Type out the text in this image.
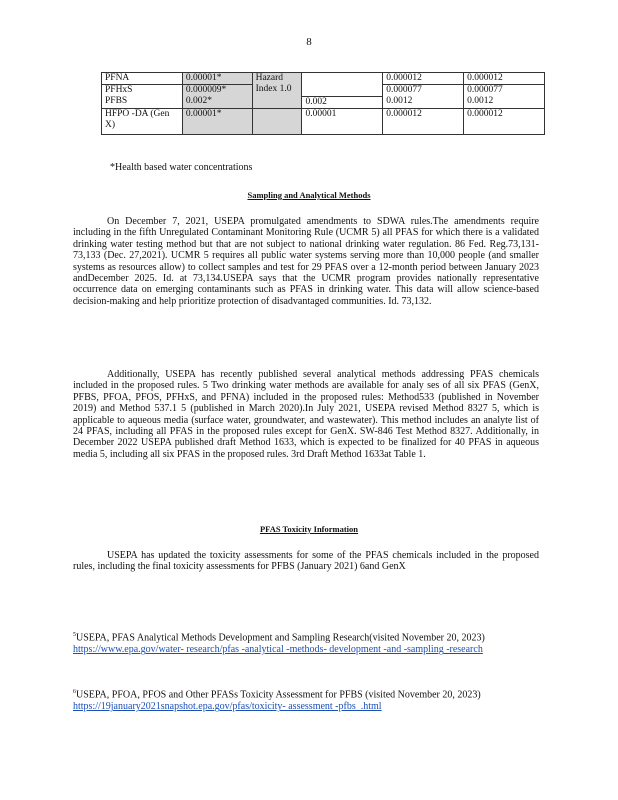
8
PFNA	0.00001*	Hazard Index 1.0		0.000012	0.000012
PFHxS	0.000009*			0.000077	0.000077
PFBS	0.002*		0.002	0.0012	0.0012
HFPO -DA (Gen X)	0.00001*		0.00001	0.000012	0.000012
*Health based water concentrations
Sampling and Analytical Methods

On December 7, 2021, USEPA promulgated amendments to SDWA rules.The amendments require including in the fifth Unregulated Contaminant Monitoring Rule (UCMR 5) all PFAS for which there is a validated drinking water testing method but that are not subject to national drinking water regulation. 86 Fed. Reg.73,131-73,133 (Dec. 27,2021). UCMR 5 requires all public water systems serving more than 10,000 people (and smaller systems as resources allow) to collect samples and test for 29 PFAS over a 12-month period between January 2023 andDecember 2025. Id. at 73,134.USEPA says that the UCMR program provides nationally representative occurrence data on emerging contaminants such as PFAS in drinking water. This data will allow science-based decision-making and help prioritize protection of disadvantaged communities. Id. 73,132.

Additionally, USEPA has recently published several analytical methods addressing PFAS chemicals included in the proposed rules. 5 Two drinking water methods are available for analy ses of all six PFAS (GenX, PFBS, PFOA, PFOS, PFHxS, and PFNA) included in the proposed rules: Method533 (published in November 2019) and Method 537.1 5 (published in March 2020).In July 2021, USEPA revised Method 8327 5, which is applicable to aqueous media (surface water, groundwater, and wastewater). This method includes an analyte list of 24 PFAS, including all PFAS in the proposed rules except for GenX. SW-846 Test Method 8327. Additionally, in December 2022 USEPA published draft Method 1633, which is expected to be finalized for 40 PFAS in aqueous media 5, including all six PFAS in the proposed rules. 3rd Draft Method 1633at Table 1.

PFAS Toxicity Information

USEPA has updated the toxicity assessments for some of the PFAS chemicals included in the proposed rules, including the final toxicity assessments for PFBS (January 2021) 6and GenX

$^5$USEPA, PFAS Analytical Methods Development and Sampling Research(visited November 20, 2023) https://www.epa.gov/water- research/pfas -analytical -methods- development -and -sampling -research

$^6$USEPA, PFOA, PFOS and Other PFASs Toxicity Assessment for PFBS (visited November 20, 2023) https://19january2021snapshot.epa.gov/pfas/toxicity- assessment -pfbs_.html
